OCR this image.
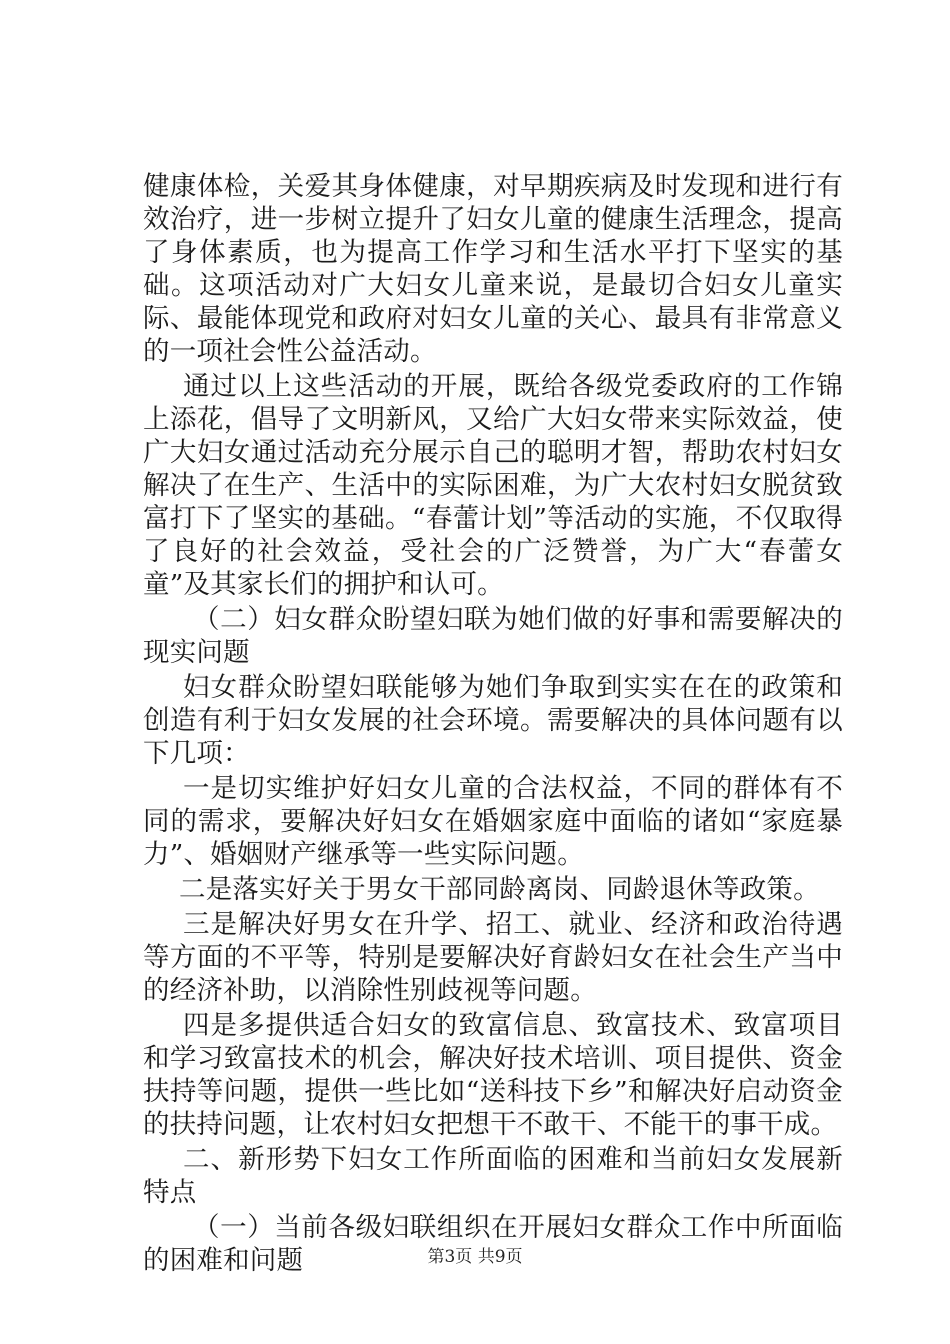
健康体检，关爱其身体健康，对早期疾病及时发现和进行有效治疗，进一步树立提升了妇女儿童的健康生活理念，提高了身体素质，也为提高工作学习和生活水平打下坚实的基础。这项活动对广大妇女儿童来说，是最切合妇女儿童实际、最能体现党和政府对妇女儿童的关心、最具有非常意义的一项社会性公益活动。

通过以上这些活动的开展，既给各级党委政府的工作锦上添花，倡导了文明新风，又给广大妇女带来实际效益，使广大妇女通过活动充分展示自己的聪明才智，帮助农村妇女解决了在生产、生活中的实际困难，为广大农村妇女脱贫致富打下了坚实的基础。“春蕾计划”等活动的实施，不仅取得了良好的社会效益，受社会的广泛赞誉，为广大“春蕾女童”及其家长们的拥护和认可。

（二）妇女群众盼望妇联为她们做的好事和需要解决的现实问题

妇女群众盼望妇联能够为她们争取到实实在在的政策和创造有利于妇女发展的社会环境。需要解决的具体问题有以下几项：

一是切实维护好妇女儿童的合法权益，不同的群体有不同的需求，要解决好妇女在婚姻家庭中面临的诸如“家庭暴力”、婚姻财产继承等一些实际问题。

二是落实好关于男女干部同龄离岗、同龄退休等政策。

三是解决好男女在升学、招工、就业、经济和政治待遇等方面的不平等，特别是要解决好育龄妇女在社会生产当中的经济补助，以消除性别歧视等问题。

四是多提供适合妇女的致富信息、致富技术、致富项目和学习致富技术的机会，解决好技术培训、项目提供、资金扶持等问题，提供一些比如“送科技下乡”和解决好启动资金的扶持问题，让农村妇女把想干不敢干、不能干的事干成。

二、新形势下妇女工作所面临的困难和当前妇女发展新特点

（一）当前各级妇联组织在开展妇女群众工作中所面临的困难和问题	第3页 共9页
